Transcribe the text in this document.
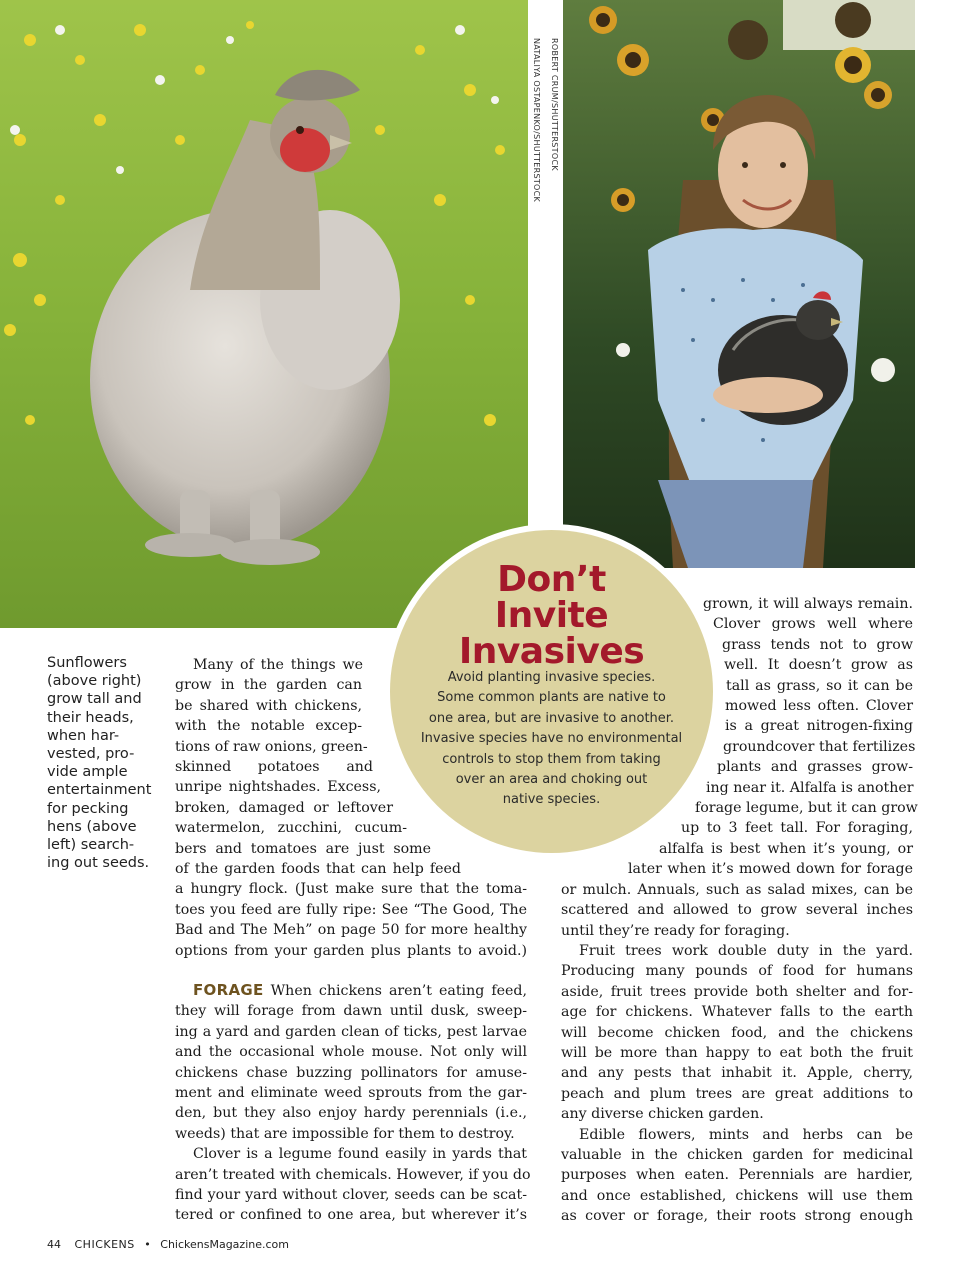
NATALIYA OSTAPENKO/SHUTTERSTOCK ROBERT CRUM/SHUTTERSTOCK
Don’t
Invite
Invasives

Avoid planting invasive species.
Some common plants are native to
one area, but are invasive to another.
Invasive species have no environmental
controls to stop them from taking
over an area and choking out
native species.

Sunflowers
(above right)
grow tall and
their heads,
when har-
vested, pro-
vide ample
entertainment
for pecking
hens (above
left) search-
ing out seeds.
Many of the things we
grow in the garden can
be shared with chickens,
with the notable excep-
tions of raw onions, green-
skinned potatoes and
unripe nightshades. Excess,
broken, damaged or leftover
watermelon, zucchini, cucum-
bers and tomatoes are just some
of the garden foods that can help feed
a hungry flock. (Just make sure that the toma-
toes you feed are fully ripe: See “The Good, The
Bad and The Meh” on page 50 for more healthy
options from your garden plus plants to avoid.)
FORAGE When chickens aren’t eating feed,
they will forage from dawn until dusk, sweep-
ing a yard and garden clean of ticks, pest larvae
and the occasional whole mouse. Not only will
chickens chase buzzing pollinators for amuse-
ment and eliminate weed sprouts from the gar-
den, but they also enjoy hardy perennials (i.e.,
weeds) that are impossible for them to destroy.
Clover is a legume found easily in yards that
aren’t treated with chemicals. However, if you do
find your yard without clover, seeds can be scat-
tered or confined to one area, but wherever it’s
grown, it will always remain.
Clover grows well where
grass tends not to grow
well. It doesn’t grow as
tall as grass, so it can be
mowed less often. Clover
is a great nitrogen-fixing
groundcover that fertilizes
plants and grasses grow-
ing near it. Alfalfa is another
forage legume, but it can grow
up to 3 feet tall. For foraging,
alfalfa is best when it’s young, or
later when it’s mowed down for forage
or mulch. Annuals, such as salad mixes, can be
scattered and allowed to grow several inches
until they’re ready for foraging.
Fruit trees work double duty in the yard.
Producing many pounds of food for humans
aside, fruit trees provide both shelter and for-
age for chickens. Whatever falls to the earth
will become chicken food, and the chickens
will be more than happy to eat both the fruit
and any pests that inhabit it. Apple, cherry,
peach and plum trees are great additions to
any diverse chicken garden.
Edible flowers, mints and herbs can be
valuable in the chicken garden for medicinal
purposes when eaten. Perennials are hardier,
and once established, chickens will use them
as cover or forage, their roots strong enough
44 CHICKENS • ChickensMagazine.com
